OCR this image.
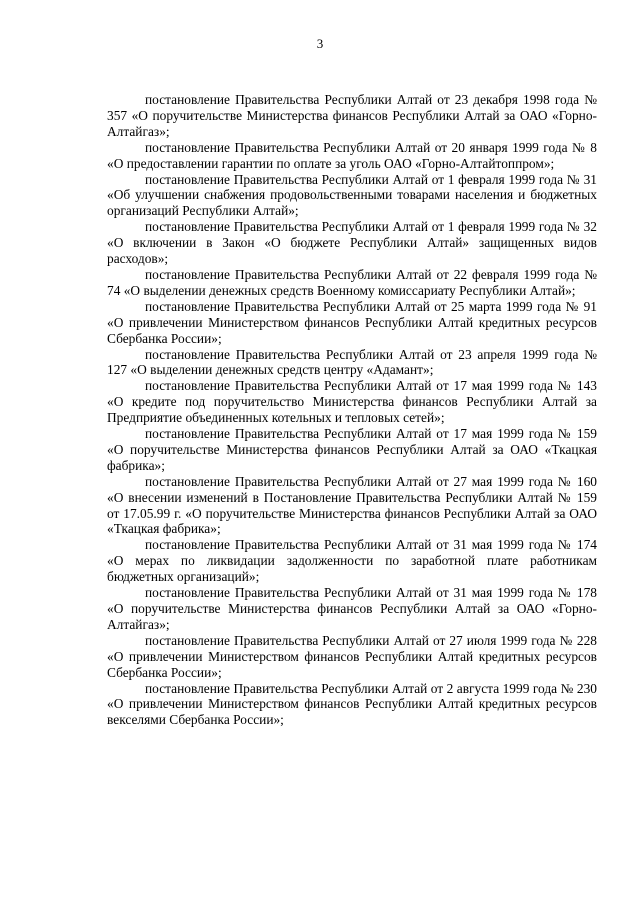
3

постановление Правительства Республики Алтай от 23 декабря 1998 года № 357 «О поручительстве Министерства финансов Республики Алтай за ОАО «Горно-Алтайгаз»;

постановление Правительства Республики Алтай от 20 января 1999 года № 8 «О предоставлении гарантии по оплате за уголь ОАО «Горно-Алтайтоппром»;

постановление Правительства Республики Алтай от 1 февраля 1999 года № 31 «Об улучшении снабжения продовольственными товарами населения и бюджетных организаций Республики Алтай»;

постановление Правительства Республики Алтай от 1 февраля 1999 года № 32 «О включении в Закон «О бюджете Республики Алтай» защищенных видов расходов»;

постановление Правительства Республики Алтай от 22 февраля 1999 года № 74 «О выделении денежных средств Военному комиссариату Республики Алтай»;

постановление Правительства Республики Алтай от 25 марта 1999 года № 91 «О привлечении Министерством финансов Республики Алтай кредитных ресурсов Сбербанка России»;

постановление Правительства Республики Алтай от 23 апреля 1999 года № 127 «О выделении денежных средств центру «Адамант»;

постановление Правительства Республики Алтай от 17 мая 1999 года № 143 «О кредите под поручительство Министерства финансов Республики Алтай за Предприятие объединенных котельных и тепловых сетей»;

постановление Правительства Республики Алтай от 17 мая 1999 года № 159 «О поручительстве Министерства финансов Республики Алтай за ОАО «Ткацкая фабрика»;

постановление Правительства Республики Алтай от 27 мая 1999 года № 160 «О внесении изменений в Постановление Правительства Республики Алтай № 159 от 17.05.99 г. «О поручительстве Министерства финансов Республики Алтай за ОАО «Ткацкая фабрика»;

постановление Правительства Республики Алтай от 31 мая 1999 года № 174 «О мерах по ликвидации задолженности по заработной плате работникам бюджетных организаций»;

постановление Правительства Республики Алтай от 31 мая 1999 года № 178 «О поручительстве Министерства финансов Республики Алтай за ОАО «Горно-Алтайгаз»;

постановление Правительства Республики Алтай от 27 июля 1999 года № 228 «О привлечении Министерством финансов Республики Алтай кредитных ресурсов Сбербанка России»;

постановление Правительства Республики Алтай от 2 августа 1999 года № 230 «О привлечении Министерством финансов Республики Алтай кредитных ресурсов векселями Сбербанка России»;
